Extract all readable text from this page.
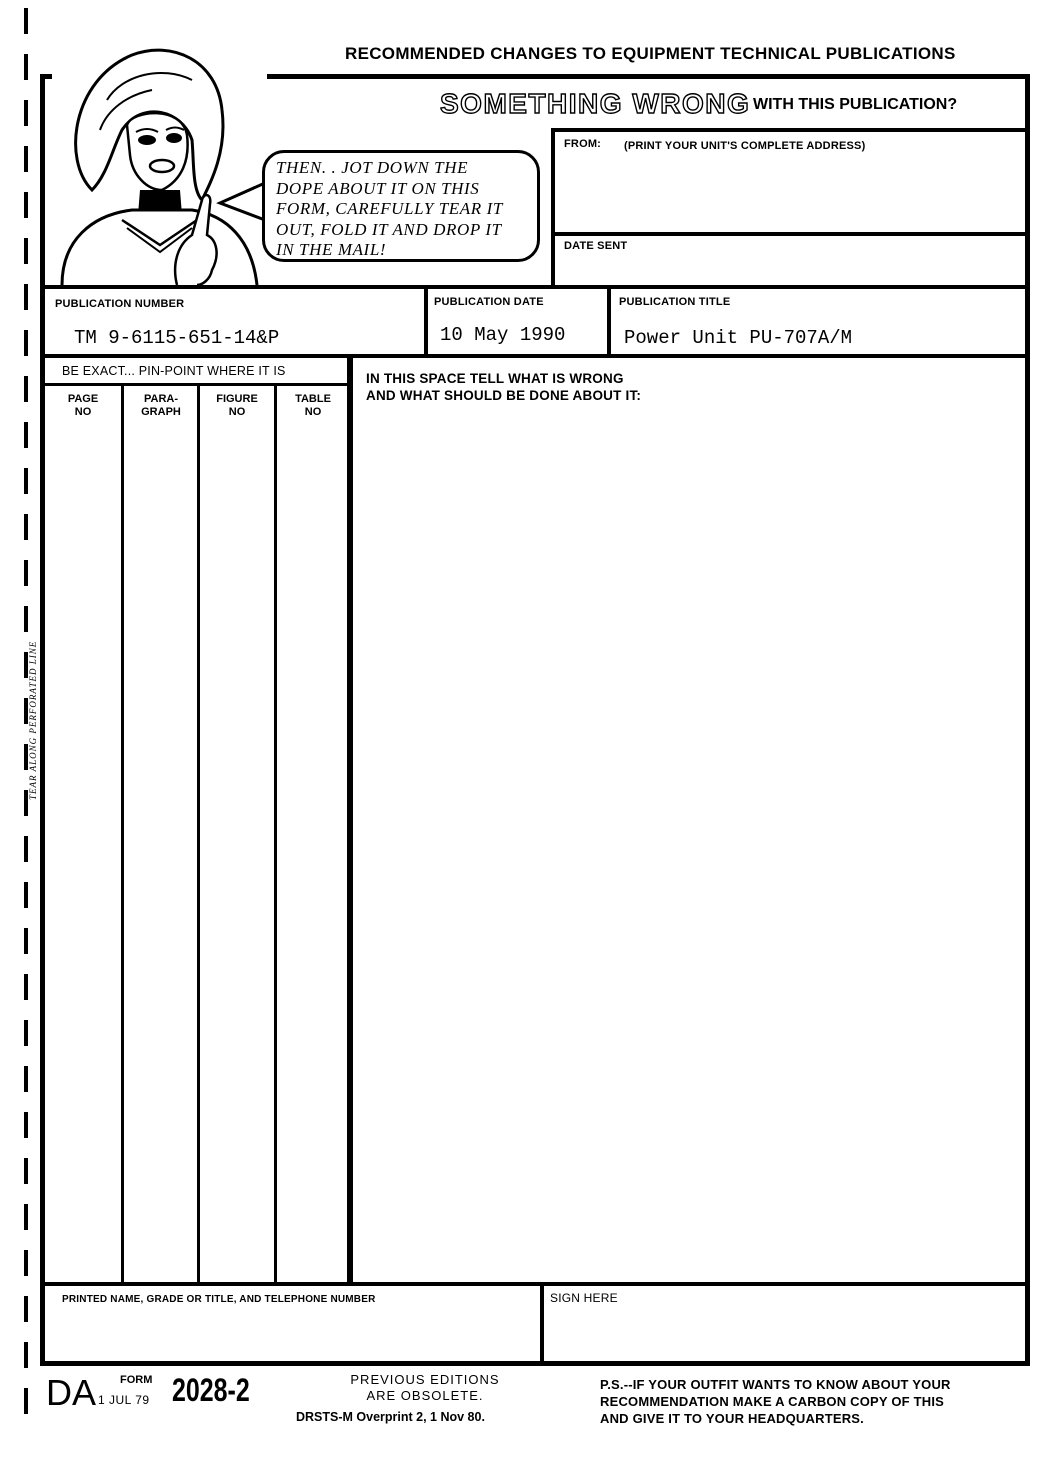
TEAR ALONG PERFORATED LINE
RECOMMENDED CHANGES TO EQUIPMENT TECHNICAL PUBLICATIONS
THEN. . JOT DOWN THE
DOPE ABOUT IT ON THIS
FORM, CAREFULLY TEAR IT
OUT, FOLD IT AND DROP IT
IN THE MAIL!
SOMETHING WRONG WITH THIS PUBLICATION?
FROM: (PRINT YOUR UNIT'S COMPLETE ADDRESS)
DATE SENT
PUBLICATION NUMBER
TM 9-6115-651-14&P
PUBLICATION DATE
10 May 1990
PUBLICATION TITLE
Power Unit PU-707A/M
BE EXACT... PIN-POINT WHERE IT IS
PAGE
NO
PARA-
GRAPH
FIGURE
NO
TABLE
NO
IN THIS SPACE TELL WHAT IS WRONG
AND WHAT SHOULD BE DONE ABOUT IT:
PRINTED NAME, GRADE OR TITLE, AND TELEPHONE NUMBER	SIGN HERE
DA FORM
1 JUL 79 2028-2	PREVIOUS EDITIONS
ARE OBSOLETE.
DRSTS-M Overprint 2, 1 Nov 80.
P.S.--IF YOUR OUTFIT WANTS TO KNOW ABOUT YOUR
RECOMMENDATION MAKE A CARBON COPY OF THIS
AND GIVE IT TO YOUR HEADQUARTERS.
